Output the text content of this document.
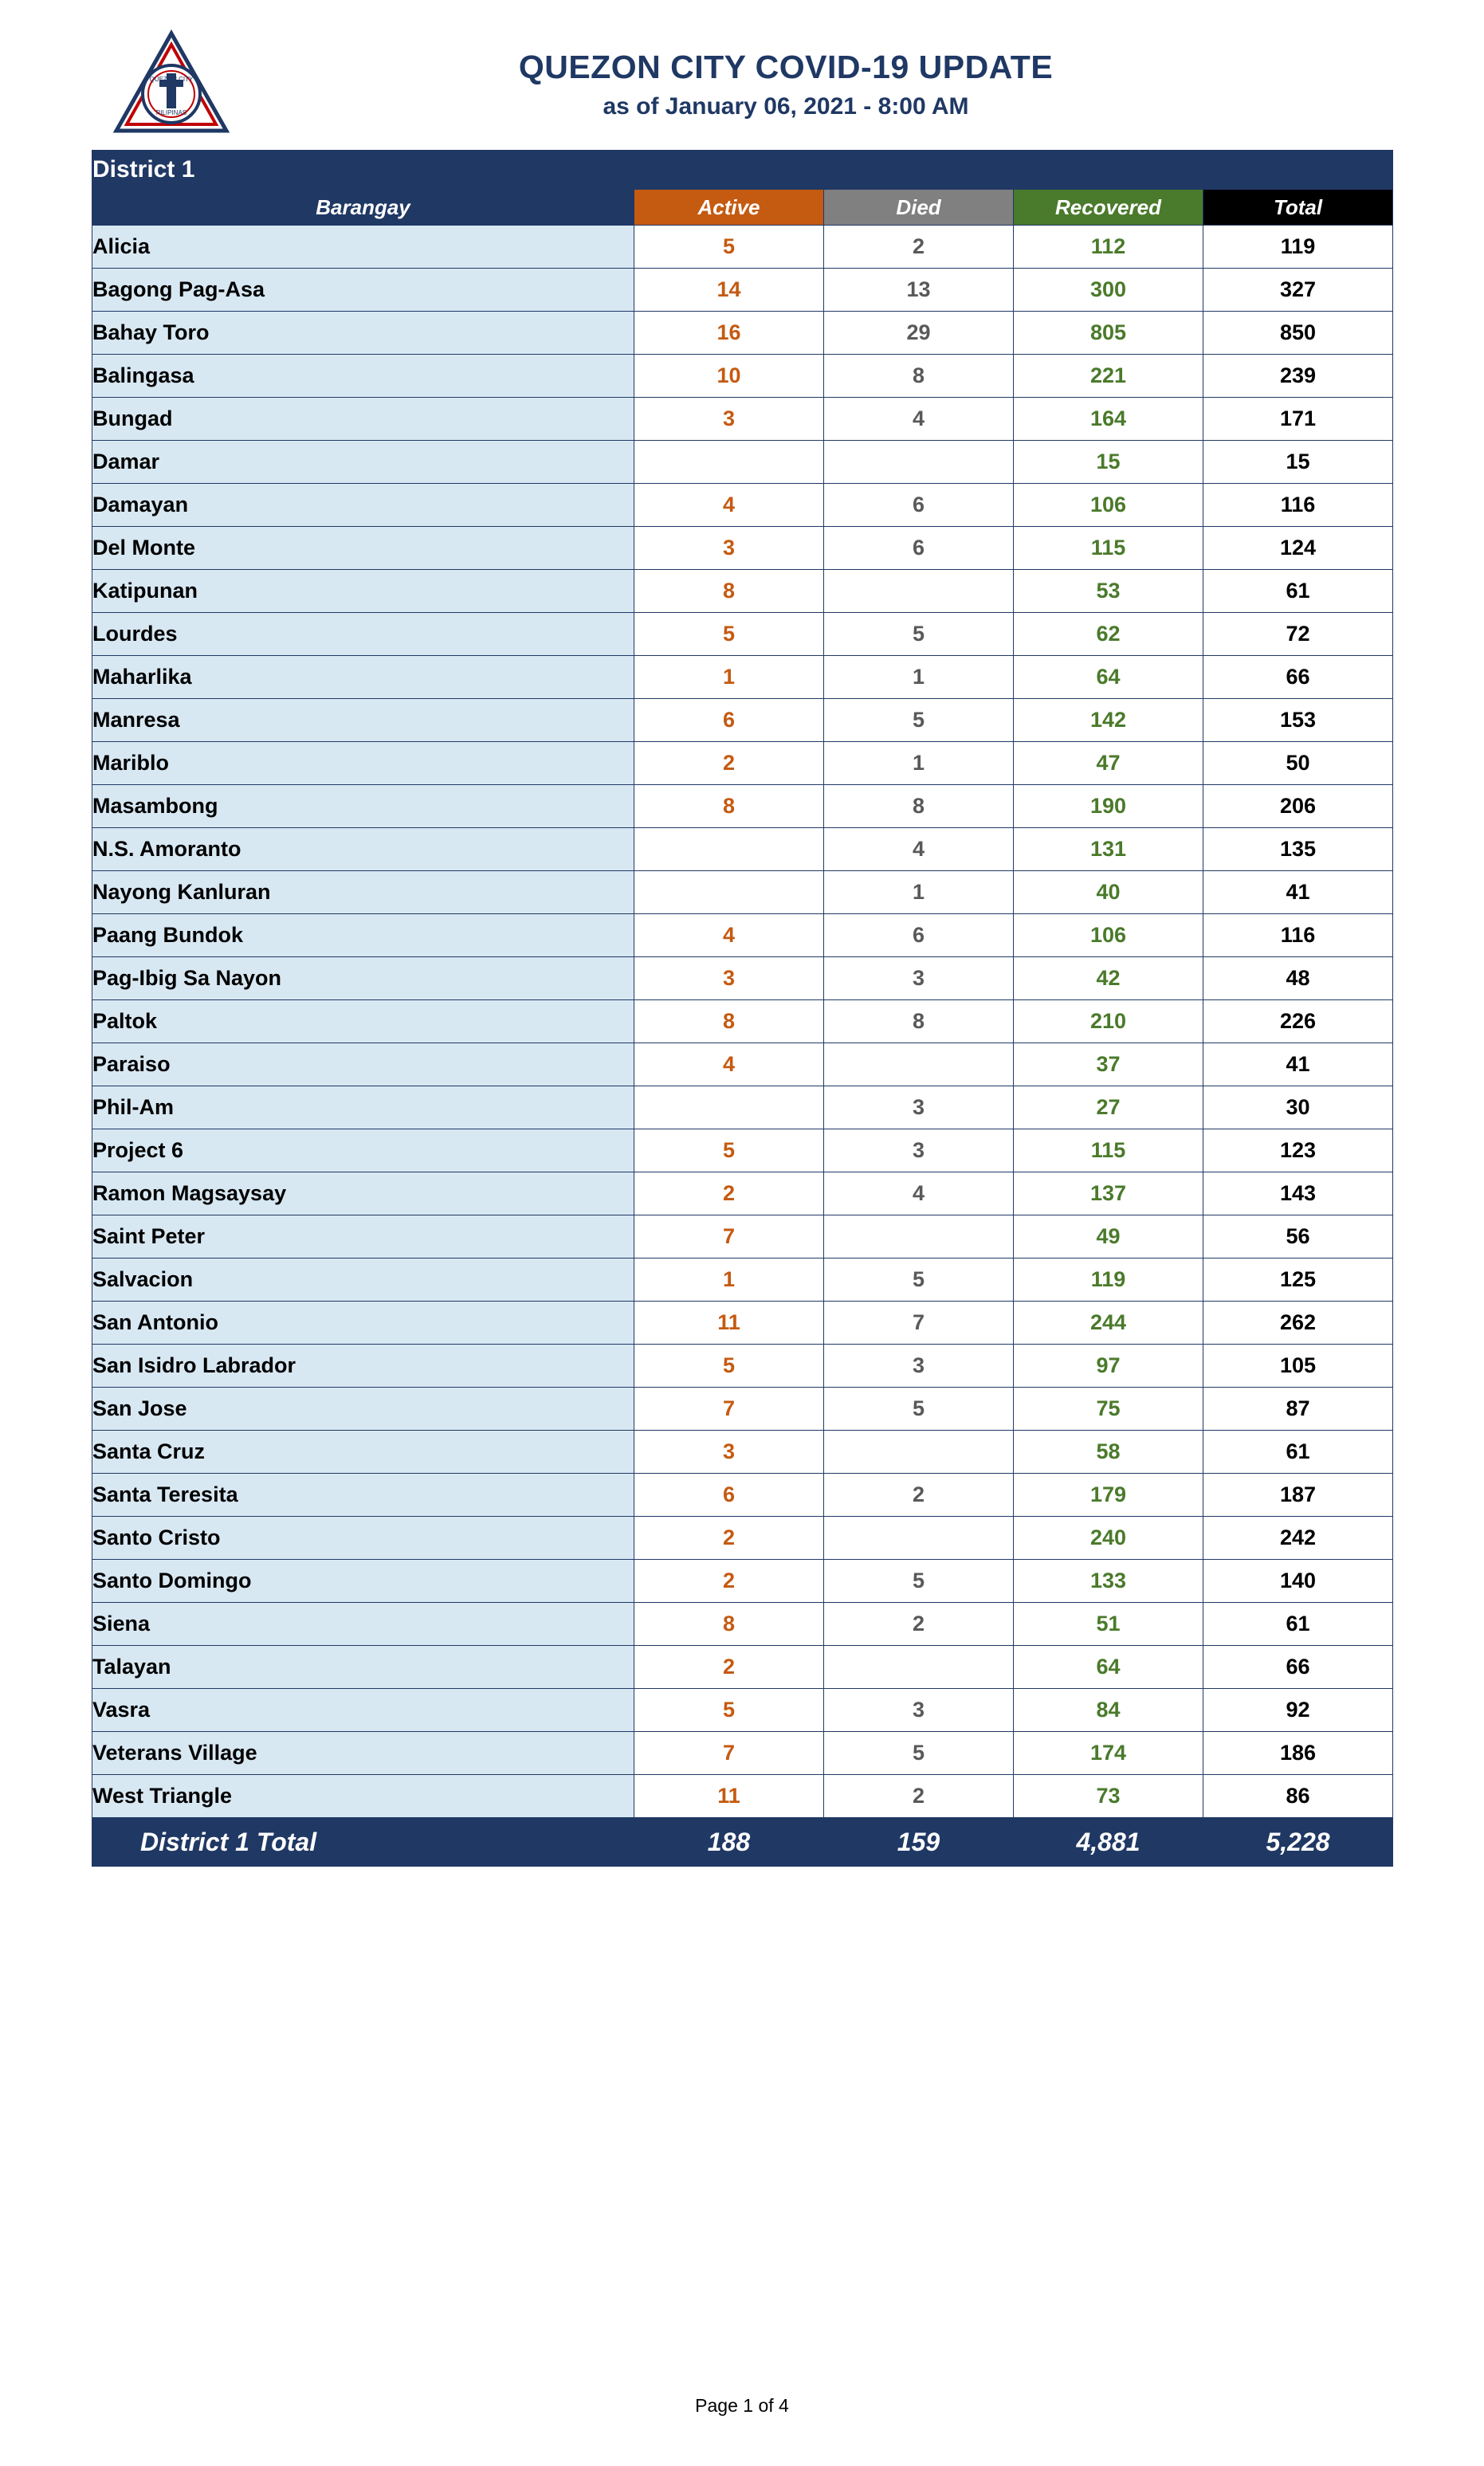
QUEZON CITY
PILIPINAS
QUEZON CITY COVID-19 UPDATE
as of January 06, 2021 - 8:00 AM
District 1				
Barangay	Active	Died	Recovered	Total
Alicia	5	2	112	119
Bagong Pag-Asa	14	13	300	327
Bahay Toro	16	29	805	850
Balingasa	10	8	221	239
Bungad	3	4	164	171
Damar			15	15
Damayan	4	6	106	116
Del Monte	3	6	115	124
Katipunan	8		53	61
Lourdes	5	5	62	72
Maharlika	1	1	64	66
Manresa	6	5	142	153
Mariblo	2	1	47	50
Masambong	8	8	190	206
N.S. Amoranto		4	131	135
Nayong Kanluran		1	40	41
Paang Bundok	4	6	106	116
Pag-Ibig Sa Nayon	3	3	42	48
Paltok	8	8	210	226
Paraiso	4		37	41
Phil-Am		3	27	30
Project 6	5	3	115	123
Ramon Magsaysay	2	4	137	143
Saint Peter	7		49	56
Salvacion	1	5	119	125
San Antonio	11	7	244	262
San Isidro Labrador	5	3	97	105
San Jose	7	5	75	87
Santa Cruz	3		58	61
Santa Teresita	6	2	179	187
Santo Cristo	2		240	242
Santo Domingo	2	5	133	140
Siena	8	2	51	61
Talayan	2		64	66
Vasra	5	3	84	92
Veterans Village	7	5	174	186
West Triangle	11	2	73	86
District 1 Total	188	159	4,881	5,228
Page 1 of 4
